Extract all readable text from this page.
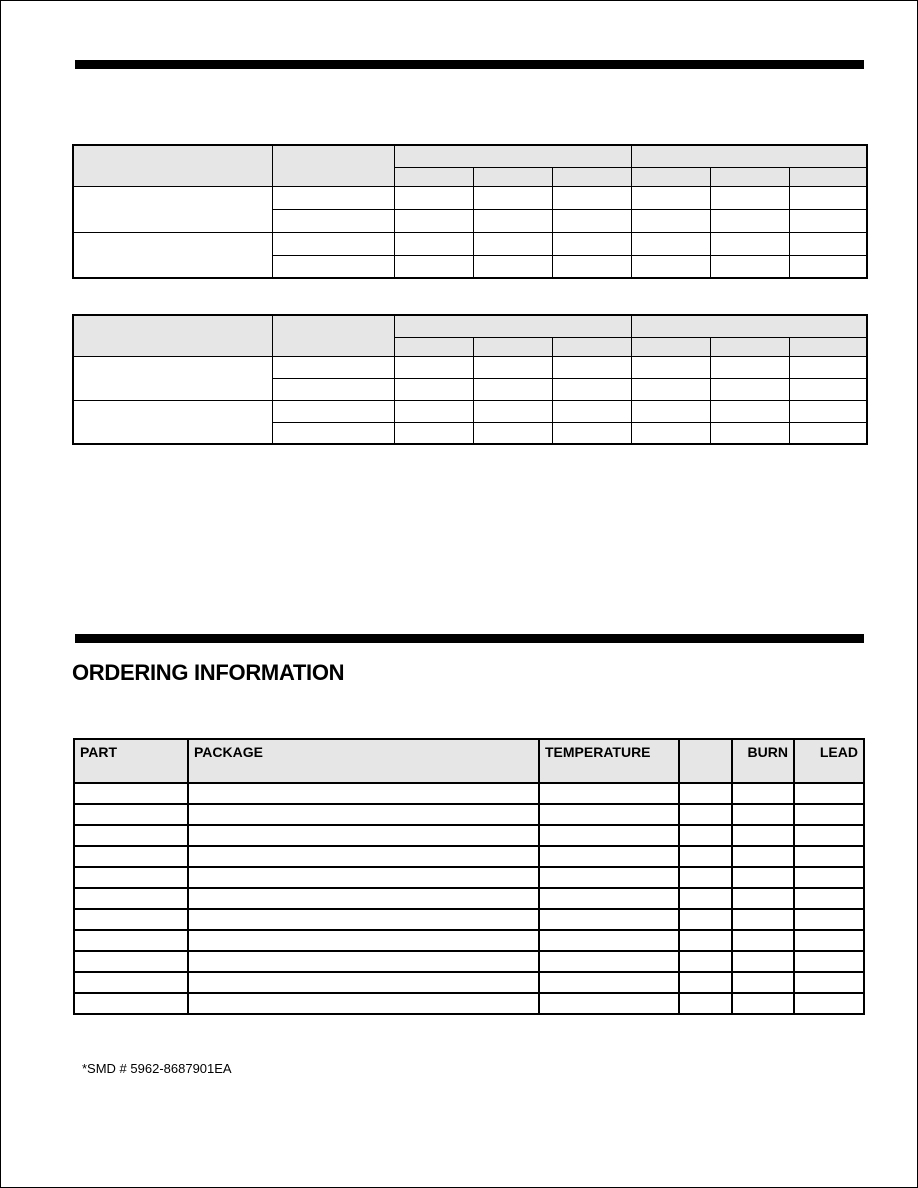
ORDERING INFORMATION
PART	PACKAGE	TEMPERATURE		BURN	LEAD

*SMD # 5962-8687901EA
